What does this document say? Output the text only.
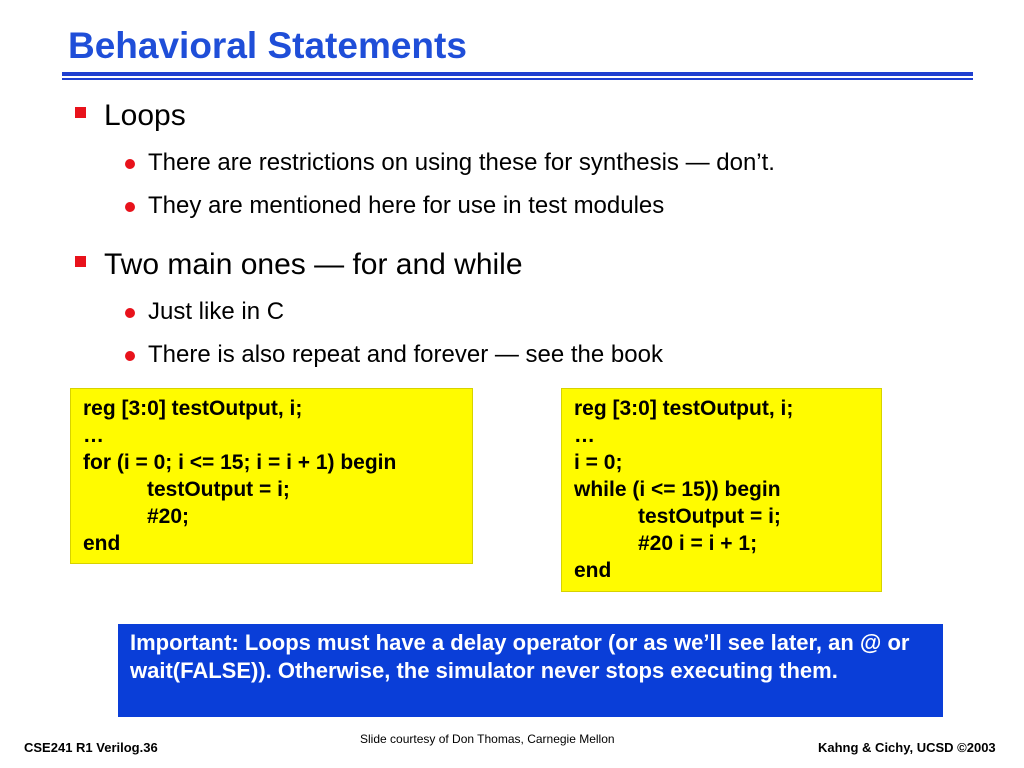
Behavioral Statements
Loops
There are restrictions on using these for synthesis — don’t.
They are mentioned here for use in test modules
Two main ones — for and while
Just like in C
There is also repeat and forever — see the book
reg [3:0] testOutput, i;
…
for (i = 0; i <= 15; i = i + 1) begin
testOutput = i;
#20;
end
reg [3:0] testOutput, i;
…
i = 0;
while (i <= 15)) begin
testOutput = i;
#20 i = i + 1;
end
Important: Loops must have a delay operator (or as we’ll see later, an @ or wait(FALSE)). Otherwise, the simulator never stops executing them.
CSE241 R1 Verilog.36
Slide courtesy of Don Thomas, Carnegie Mellon
Kahng & Cichy, UCSD ©2003
